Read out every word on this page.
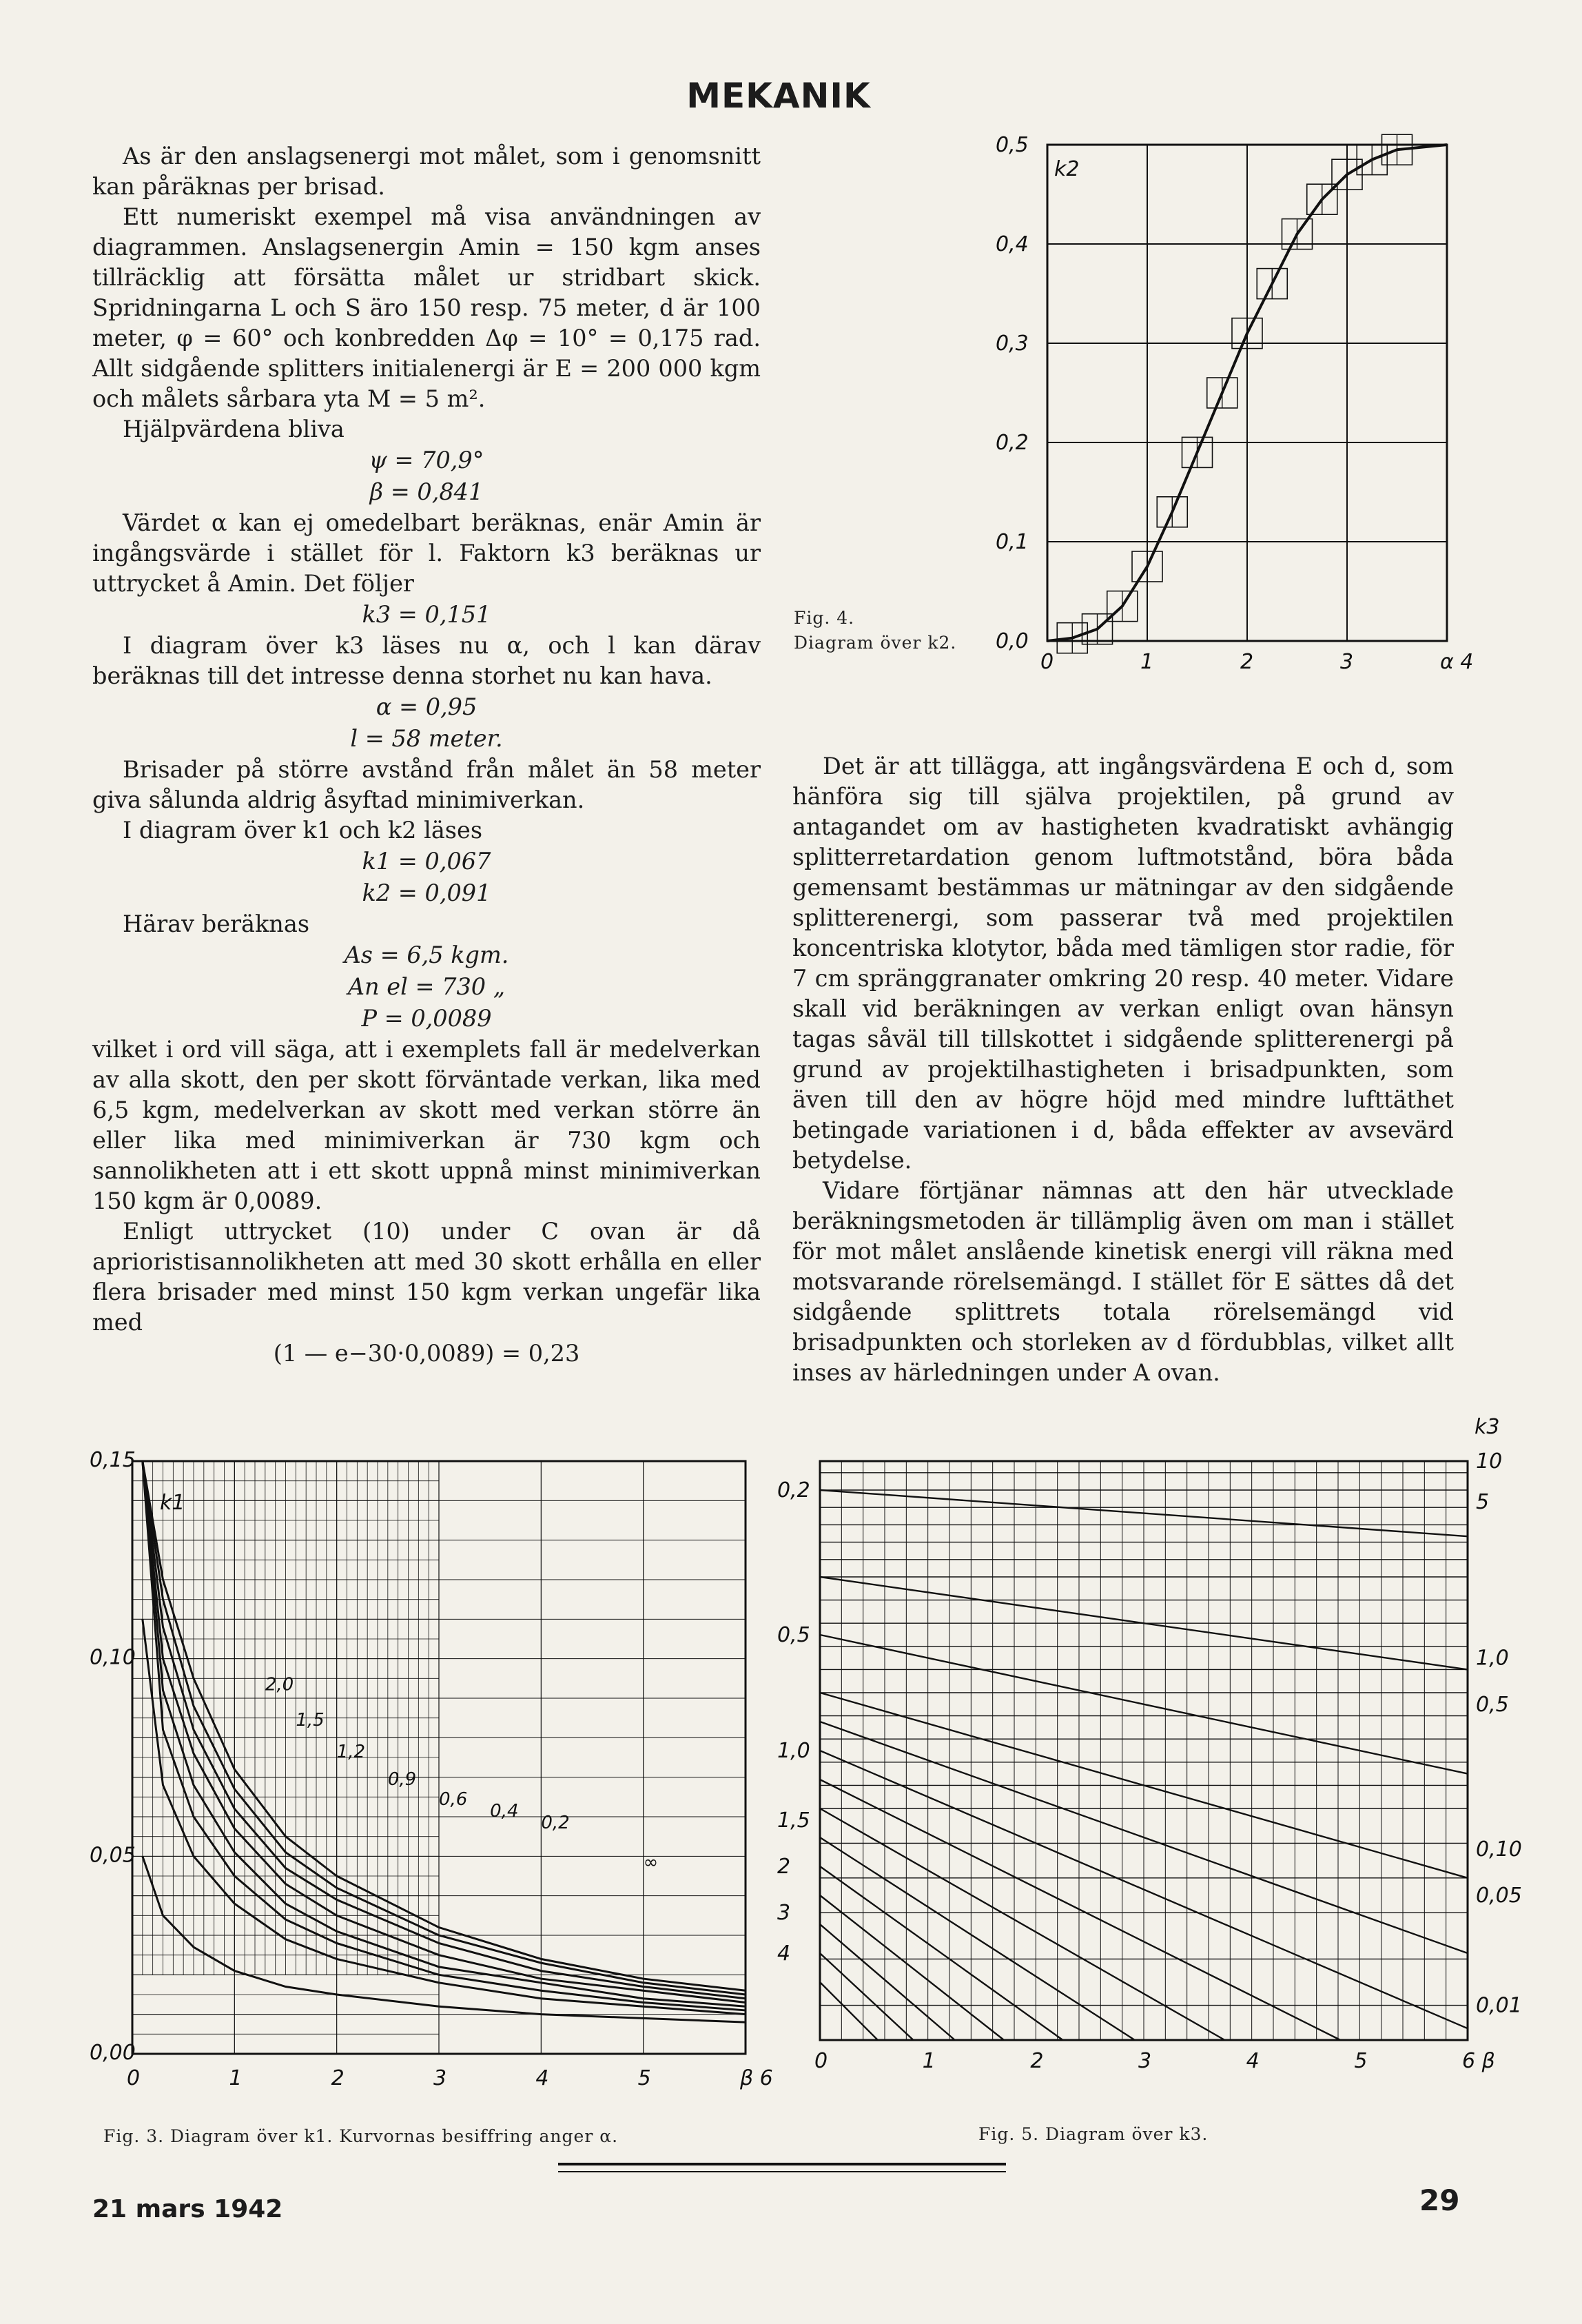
MEKANIK

As är den anslagsenergi mot målet, som i genomsnitt kan påräknas per brisad.

Ett numeriskt exempel må visa användningen av diagrammen. Anslagsenergin Amin = 150 kgm anses tillräcklig att försätta målet ur stridbart skick. Spridningarna L och S äro 150 resp. 75 meter, d är 100 meter, φ = 60° och konbredden Δφ = 10° = 0,175 rad. Allt sidgående splitters initialenergi är E = 200 000 kgm och målets sårbara yta M = 5 m².

Hjälpvärdena bliva

ψ = 70,9°

β = 0,841

Värdet α kan ej omedelbart beräknas, enär Amin är ingångsvärde i stället för l. Faktorn k3 beräknas ur uttrycket å Amin. Det följer

k3 = 0,151

I diagram över k3 läses nu α, och l kan därav beräknas till det intresse denna storhet nu kan hava.

α = 0,95

l = 58 meter.

Brisader på större avstånd från målet än 58 meter giva sålunda aldrig åsyftad minimiverkan.

I diagram över k1 och k2 läses

k1 = 0,067

k2 = 0,091

Härav beräknas

As = 6,5 kgm.

An el = 730 „

P = 0,0089

vilket i ord vill säga, att i exemplets fall är medelverkan av alla skott, den per skott förväntade verkan, lika med 6,5 kgm, medelverkan av skott med verkan större än eller lika med minimiverkan är 730 kgm och sannolikheten att i ett skott uppnå minst minimiverkan 150 kgm är 0,0089.

Enligt uttrycket (10) under C ovan är då aprioristisannolikheten att med 30 skott erhålla en eller flera brisader med minst 150 kgm verkan ungefär lika med

(1 — e−30·0,0089) = 0,23

Det är att tillägga, att ingångsvärdena E och d, som hänföra sig till själva projektilen, på grund av antagandet om av hastigheten kvadratiskt avhängig splitterretardation genom luftmotstånd, böra båda gemensamt bestämmas ur mätningar av den sidgående splitterenergi, som passerar två med projektilen koncentriska klotytor, båda med tämligen stor radie, för 7 cm spränggranater omkring 20 resp. 40 meter. Vidare skall vid beräkningen av verkan enligt ovan hänsyn tagas såväl till tillskottet i sidgående splitterenergi på grund av projektilhastigheten i brisadpunkten, som även till den av högre höjd med mindre lufttäthet betingade variationen i d, båda effekter av avsevärd betydelse.

Vidare förtjänar nämnas att den här utvecklade beräkningsmetoden är tillämplig även om man i stället för mot målet anslående kinetisk energi vill räkna med motsvarande rörelsemängd. I stället för E sättes då det sidgående splittrets totala rörelsemängd vid brisadpunkten och storleken av d fördubblas, vilket allt inses av härledningen under A ovan.

Fig. 4.
Diagram över k2. 0,0
0,1
0,2
0,3
0,4
0,5
0	1	2	3	α 4
k2
0,00
0,05
0,10
0,15
0	1	2	3	4	5	β 6
k1
2,0
1,5
1,2
0,9
0,6
0,4
0,2
∞
Fig. 3. Diagram över k1. Kurvornas besiffring anger α.
0,2
0,5
1,0
1,5
2
3
4
10
5
1,0
0,5
0,10
0,05
0,01
k3
0	1	2	3	4	5	6 β
Fig. 5. Diagram över k3.
21 mars 1942	29
